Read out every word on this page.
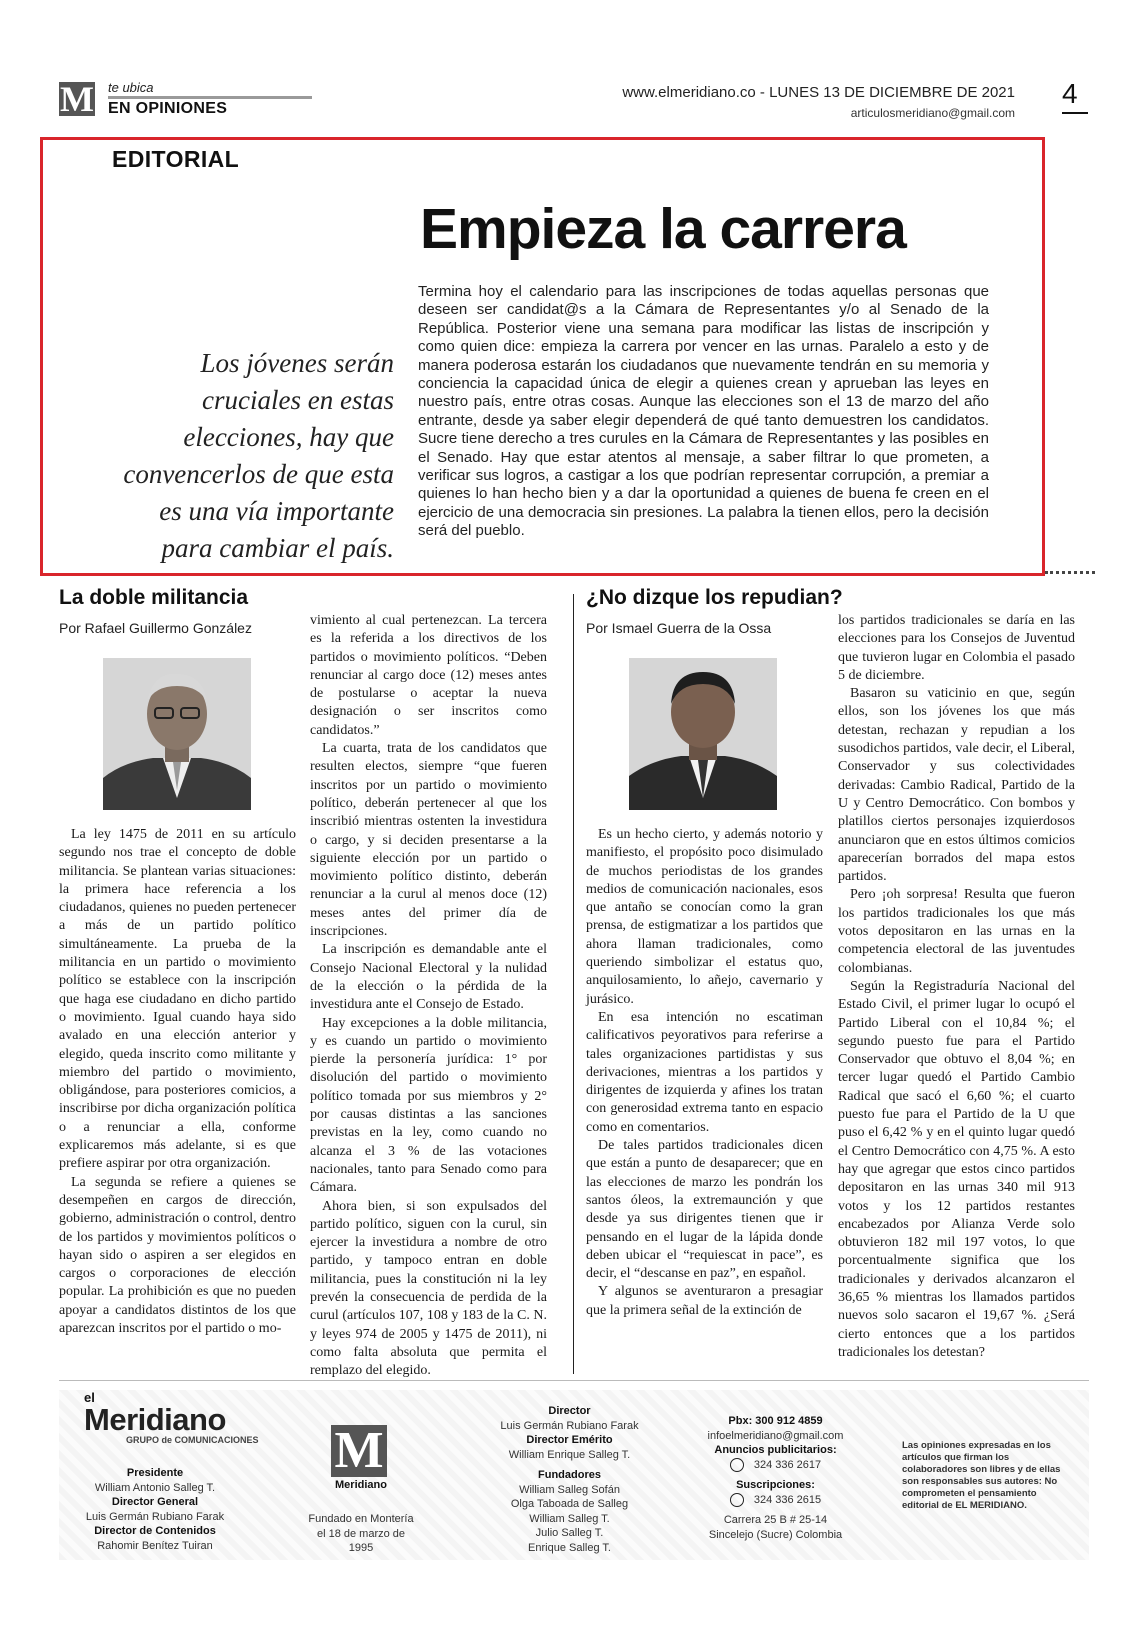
M te ubica
EN OPINIONES
www.elmeridiano.co - LUNES 13 DE DICIEMBRE DE 2021
articulosmeridiano@gmail.com
4
EDITORIAL
Empieza la carrera
Los jóvenes serán cruciales en estas elecciones, hay que convencerlos de que esta es una vía importante para cambiar el país.
Termina hoy el calendario para las inscripciones de todas aquellas personas que deseen ser candidat@s a la Cámara de Representantes y/o al Senado de la República. Posterior viene una semana para modificar las listas de inscripción y como quien dice: empieza la carrera por vencer en las urnas. Paralelo a esto y de manera poderosa estarán los ciudadanos que nuevamente tendrán en su memoria y conciencia la capacidad única de elegir a quienes crean y aprueban las leyes en nuestro país, entre otras cosas. Aunque las elecciones son el 13 de marzo del año entrante, desde ya saber elegir dependerá de qué tanto demuestren los candidatos. Sucre tiene derecho a tres curules en la Cámara de Representantes y las posibles en el Senado. Hay que estar atentos al mensaje, a saber filtrar lo que prometen, a verificar sus logros, a castigar a los que podrían representar corrupción, a premiar a quienes lo han hecho bien y a dar la oportunidad a quienes de buena fe creen en el ejercicio de una democracia sin presiones. La palabra la tienen ellos, pero la decisión será del pueblo.
La doble militancia
Por Rafael Guillermo González

La ley 1475 de 2011 en su artículo segundo nos trae el concepto de doble militancia. Se plantean varias situaciones: la primera hace referencia a los ciudadanos, quienes no pueden pertenecer a más de un partido político simultáneamente. La prueba de la militancia en un partido o movimiento político se establece con la inscripción que haga ese ciudadano en dicho partido o movimiento. Igual cuando haya sido avalado en una elección anterior y elegido, queda inscrito como militante y miembro del partido o movimiento, obligándose, para posteriores comicios, a inscribirse por dicha organización política o a renunciar a ella, conforme explicaremos más adelante, si es que prefiere aspirar por otra organización.

La segunda se refiere a quienes se desempeñen en cargos de dirección, gobierno, administración o control, dentro de los partidos y movimientos políticos o hayan sido o aspiren a ser elegidos en cargos o corporaciones de elección popular. La prohibición es que no pueden apoyar a candidatos distintos de los que aparezcan inscritos por el partido o mo-

vimiento al cual pertenezcan. La tercera es la referida a los directivos de los partidos o movimiento políticos. “Deben renunciar al cargo doce (12) meses antes de postularse o aceptar la nueva designación o ser inscritos como candidatos.”

La cuarta, trata de los candidatos que resulten electos, siempre “que fueren inscritos por un partido o movimiento político, deberán pertenecer al que los inscribió mientras ostenten la investidura o cargo, y si deciden presentarse a la siguiente elección por un partido o movimiento político distinto, deberán renunciar a la curul al menos doce (12) meses antes del primer día de inscripciones.

La inscripción es demandable ante el Consejo Nacional Electoral y la nulidad de la elección o la pérdida de la investidura ante el Consejo de Estado.

Hay excepciones a la doble militancia, y es cuando un partido o movimiento pierde la personería jurídica: 1° por disolución del partido o movimiento político tomada por sus miembros y 2° por causas distintas a las sanciones previstas en la ley, como cuando no alcanza el 3 % de las votaciones nacionales, tanto para Senado como para Cámara.

Ahora bien, si son expulsados del partido político, siguen con la curul, sin ejercer la investidura a nombre de otro partido, y tampoco entran en doble militancia, pues la constitución ni la ley prevén la consecuencia de perdida de la curul (artículos 107, 108 y 183 de la C. N. y leyes 974 de 2005 y 1475 de 2011), ni como falta absoluta que permita el remplazo del elegido.

¿No dizque los repudian?
Por Ismael Guerra de la Ossa

Es un hecho cierto, y además notorio y manifiesto, el propósito poco disimulado de muchos periodistas de los grandes medios de comunicación nacionales, esos que antaño se conocían como la gran prensa, de estigmatizar a los partidos que ahora llaman tradicionales, como queriendo simbolizar el estatus quo, anquilosamiento, lo añejo, cavernario y jurásico.

En esa intención no escatiman calificativos peyorativos para referirse a tales organizaciones partidistas y sus derivaciones, mientras a los partidos y dirigentes de izquierda y afines los tratan con generosidad extrema tanto en espacio como en comentarios.

De tales partidos tradicionales dicen que están a punto de desaparecer; que en las elecciones de marzo les pondrán los santos óleos, la extremaunción y que desde ya sus dirigentes tienen que ir pensando en el lugar de la lápida donde deben ubicar el “requiescat in pace”, es decir, el “descanse en paz”, en español.

Y algunos se aventuraron a presagiar que la primera señal de la extinción de

los partidos tradicionales se daría en las elecciones para los Consejos de Juventud que tuvieron lugar en Colombia el pasado 5 de diciembre.

Basaron su vaticinio en que, según ellos, son los jóvenes los que más detestan, rechazan y repudian a los susodichos partidos, vale decir, el Liberal, Conservador y sus colectividades derivadas: Cambio Radical, Partido de la U y Centro Democrático. Con bombos y platillos ciertos personajes izquierdosos anunciaron que en estos últimos comicios aparecerían borrados del mapa estos partidos.

Pero ¡oh sorpresa! Resulta que fueron los partidos tradicionales los que más votos depositaron en las urnas en la competencia electoral de las juventudes colombianas.

Según la Registraduría Nacional del Estado Civil, el primer lugar lo ocupó el Partido Liberal con el 10,84 %; el segundo puesto fue para el Partido Conservador que obtuvo el 8,04 %; en tercer lugar quedó el Partido Cambio Radical que sacó el 6,60 %; el cuarto puesto fue para el Partido de la U que puso el 6,42 % y en el quinto lugar quedó el Centro Democrático con 4,75 %. A esto hay que agregar que estos cinco partidos depositaron en las urnas 340 mil 913 votos y los 12 partidos restantes encabezados por Alianza Verde solo obtuvieron 182 mil 197 votos, lo que porcentualmente significa que los tradicionales y derivados alcanzaron el 36,65 % mientras los llamados partidos nuevos solo sacaron el 19,67 %. ¿Será cierto entonces que a los partidos tradicionales los detestan?

el
Meridiano
GRUPO de COMUNICACIONES
Presidente
William Antonio Salleg T.
Director General
Luis Germán Rubiano Farak
Director de Contenidos
Rahomir Benítez Tuiran
M
Meridiano
Fundado en Montería el 18 de marzo de 1995
Director
Luis Germán Rubiano Farak
Director Emérito
William Enrique Salleg T.
Fundadores
William Salleg Sofán
Olga Taboada de Salleg
William Salleg T.
Julio Salleg T.
Enrique Salleg T.
Pbx: 300 912 4859
infoelmeridiano@gmail.com
Anuncios publicitarios:
324 336 2617
Suscripciones:
324 336 2615
Carrera 25 B # 25-14
Sincelejo (Sucre) Colombia
Las opiniones expresadas en los artículos que firman los colaboradores son libres y de ellas son responsables sus autores: No comprometen el pensamiento editorial de EL MERIDIANO.
